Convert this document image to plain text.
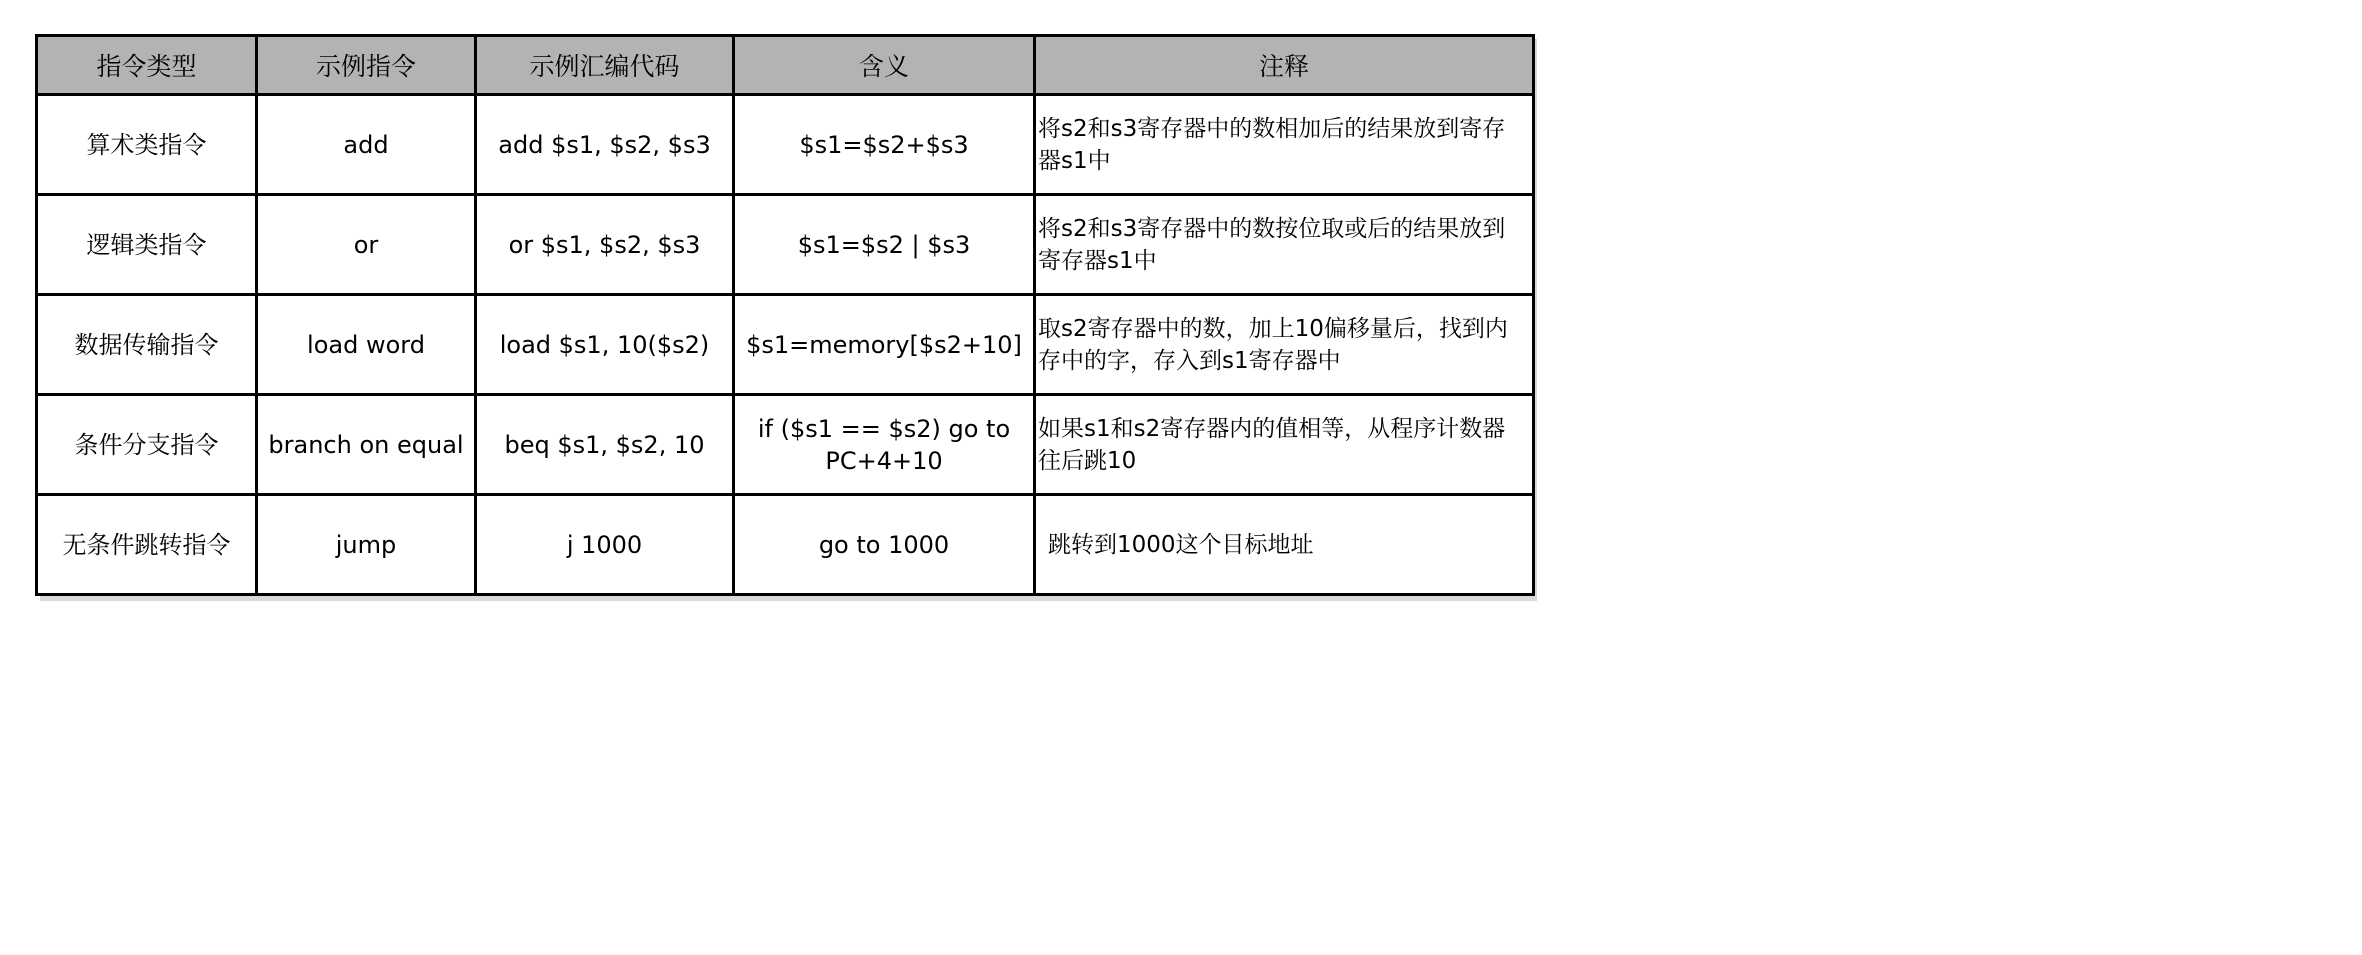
指令类型	示例指令	示例汇编代码	含义	注释
算术类指令	add	add $s1, $s2, $s3	$s1=$s2+$s3	将s2和s3寄存器中的数相加后的结果放到寄存器s1中
逻辑类指令	or	or $s1, $s2, $s3	$s1=$s2 | $s3	将s2和s3寄存器中的数按位取或后的结果放到寄存器s1中
数据传输指令	load word	load $s1, 10($s2)	$s1=memory[$s2+10]	取s2寄存器中的数，加上10偏移量后，找到内存中的字，存入到s1寄存器中
条件分支指令	branch on equal	beq $s1, $s2, 10	if ($s1 == $s2) go to PC+4+10	如果s1和s2寄存器内的值相等，从程序计数器往后跳10
无条件跳转指令	jump	j 1000	go to 1000	跳转到1000这个目标地址
